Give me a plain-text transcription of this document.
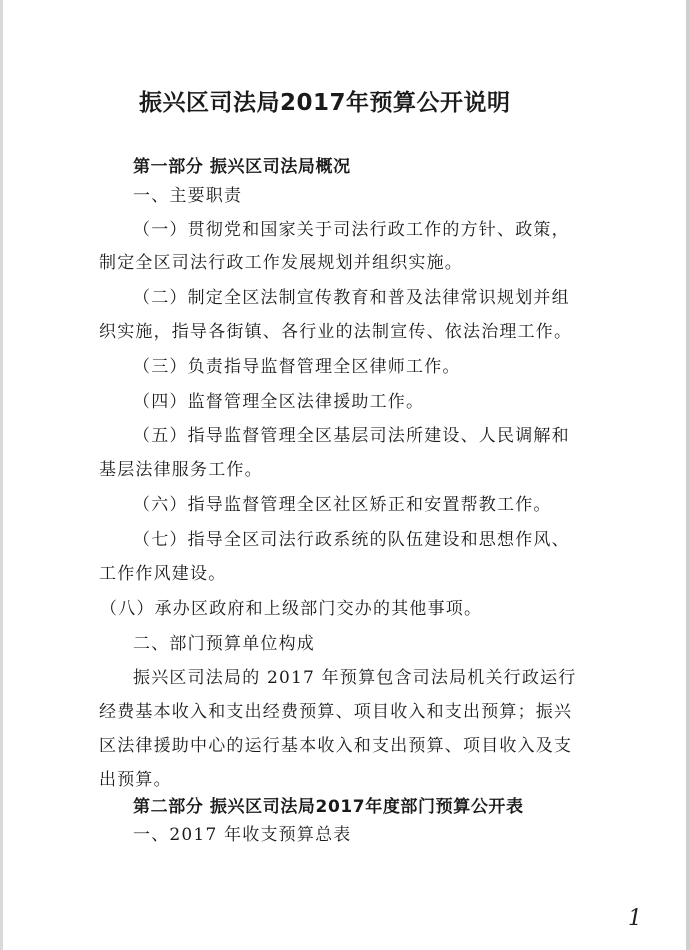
振兴区司法局2017年预算公开说明
第一部分 振兴区司法局概况
一、主要职责
（一）贯彻党和国家关于司法行政工作的方针、政策，
制定全区司法行政工作发展规划并组织实施。
（二）制定全区法制宣传教育和普及法律常识规划并组
织实施，指导各街镇、各行业的法制宣传、依法治理工作。
（三）负责指导监督管理全区律师工作。
（四）监督管理全区法律援助工作。
（五）指导监督管理全区基层司法所建设、人民调解和
基层法律服务工作。
（六）指导监督管理全区社区矫正和安置帮教工作。
（七）指导全区司法行政系统的队伍建设和思想作风、
工作作风建设。
（八）承办区政府和上级部门交办的其他事项。
二、部门预算单位构成
振兴区司法局的 2017 年预算包含司法局机关行政运行
经费基本收入和支出经费预算、项目收入和支出预算；振兴
区法律援助中心的运行基本收入和支出预算、项目收入及支
出预算。
第二部分 振兴区司法局2017年度部门预算公开表
一、2017 年收支预算总表
1
